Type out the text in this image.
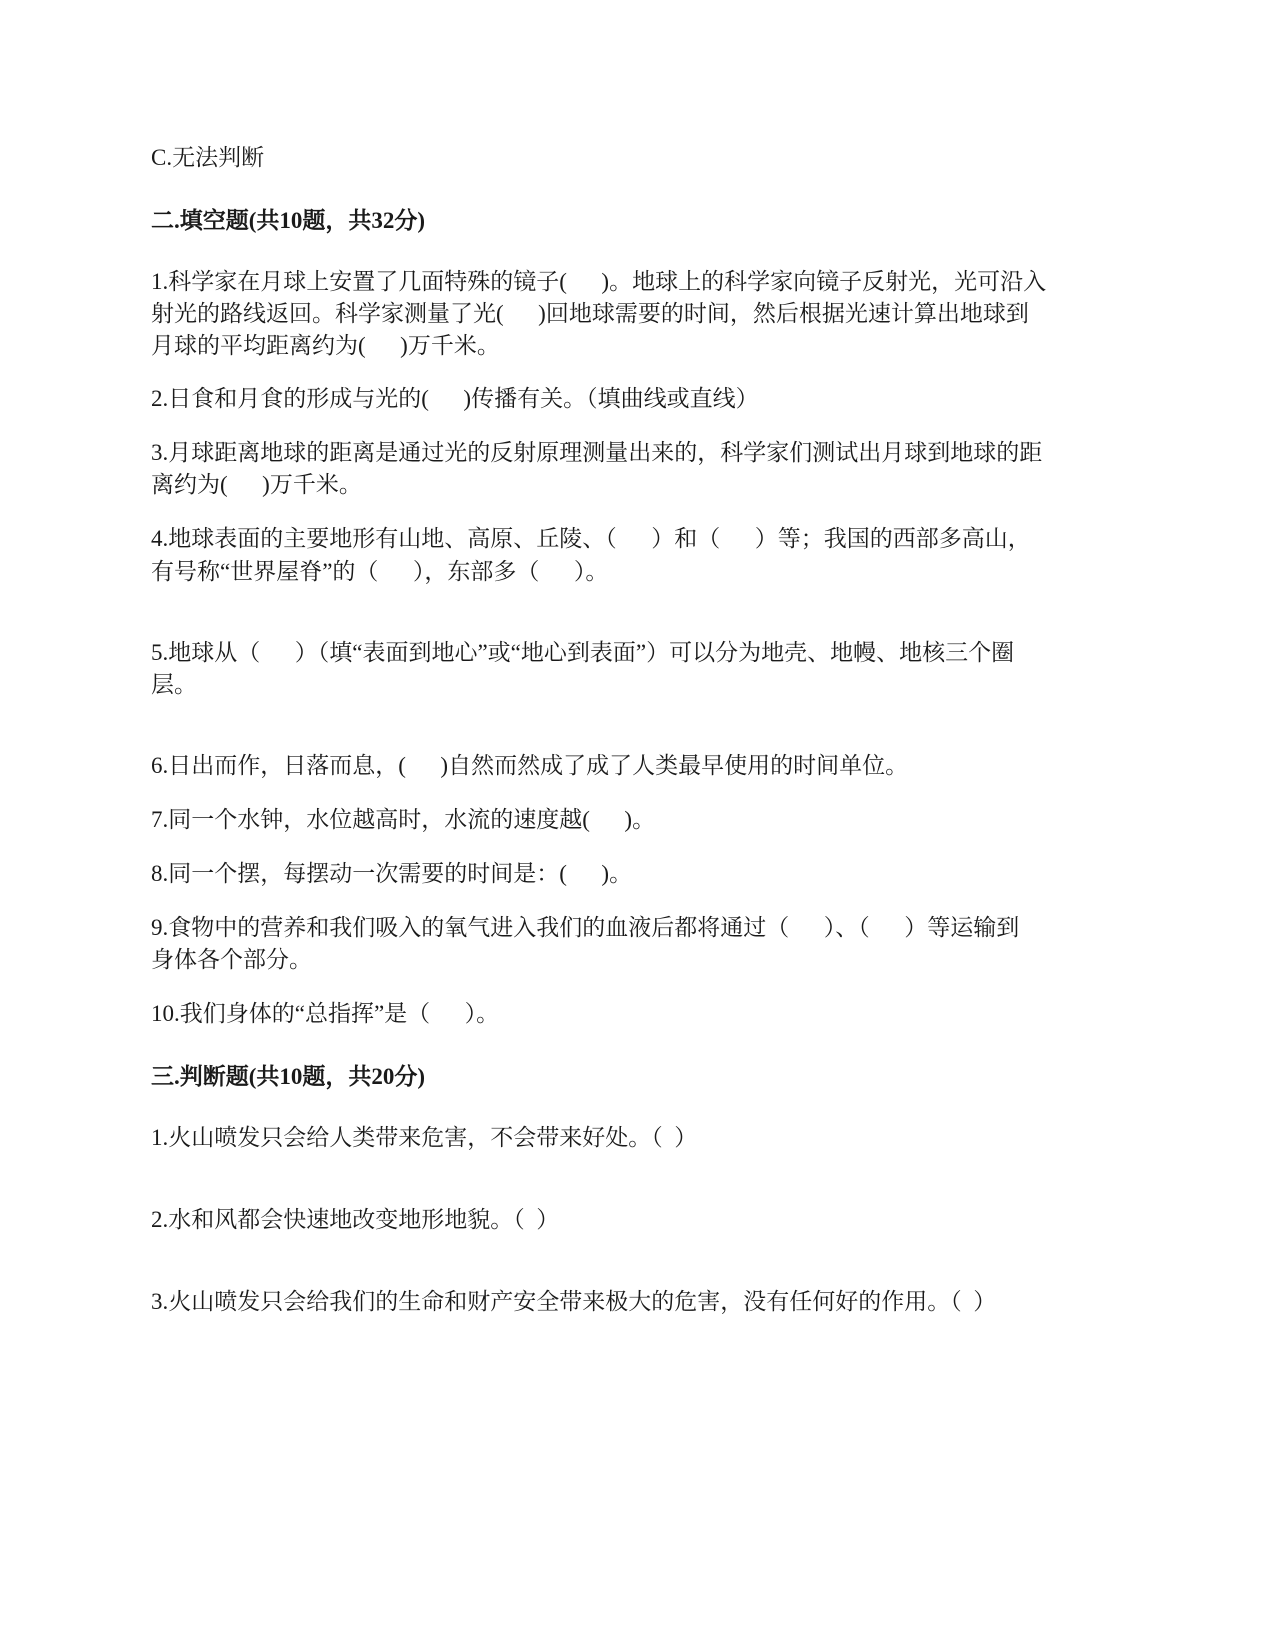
C.无法判断

二.填空题(共10题，共32分)

1.科学家在月球上安置了几面特殊的镜子(      )。地球上的科学家向镜子反射光，光可沿入

射光的路线返回。科学家测量了光(      )回地球需要的时间，然后根据光速计算出地球到

月球的平均距离约为(      )万千米。

2.日食和月食的形成与光的(      )传播有关。（填曲线或直线）

3.月球距离地球的距离是通过光的反射原理测量出来的，科学家们测试出月球到地球的距

离约为(      )万千米。

4.地球表面的主要地形有山地、高原、丘陵、（      ）和（      ）等；我国的西部多高山，

有号称“世界屋脊”的（      ），东部多（      ）。

5.地球从（      ）（填“表面到地心”或“地心到表面”）可以分为地壳、地幔、地核三个圈

层。

6.日出而作，日落而息，(      )自然而然成了成了人类最早使用的时间单位。

7.同一个水钟，水位越高时，水流的速度越(      )。

8.同一个摆，每摆动一次需要的时间是：(      )。

9.食物中的营养和我们吸入的氧气进入我们的血液后都将通过（      ）、（      ）等运输到

身体各个部分。

10.我们身体的“总指挥”是（      ）。

三.判断题(共10题，共20分)

1.火山喷发只会给人类带来危害，不会带来好处。（  ）

2.水和风都会快速地改变地形地貌。（  ）

3.火山喷发只会给我们的生命和财产安全带来极大的危害，没有任何好的作用。（  ）
